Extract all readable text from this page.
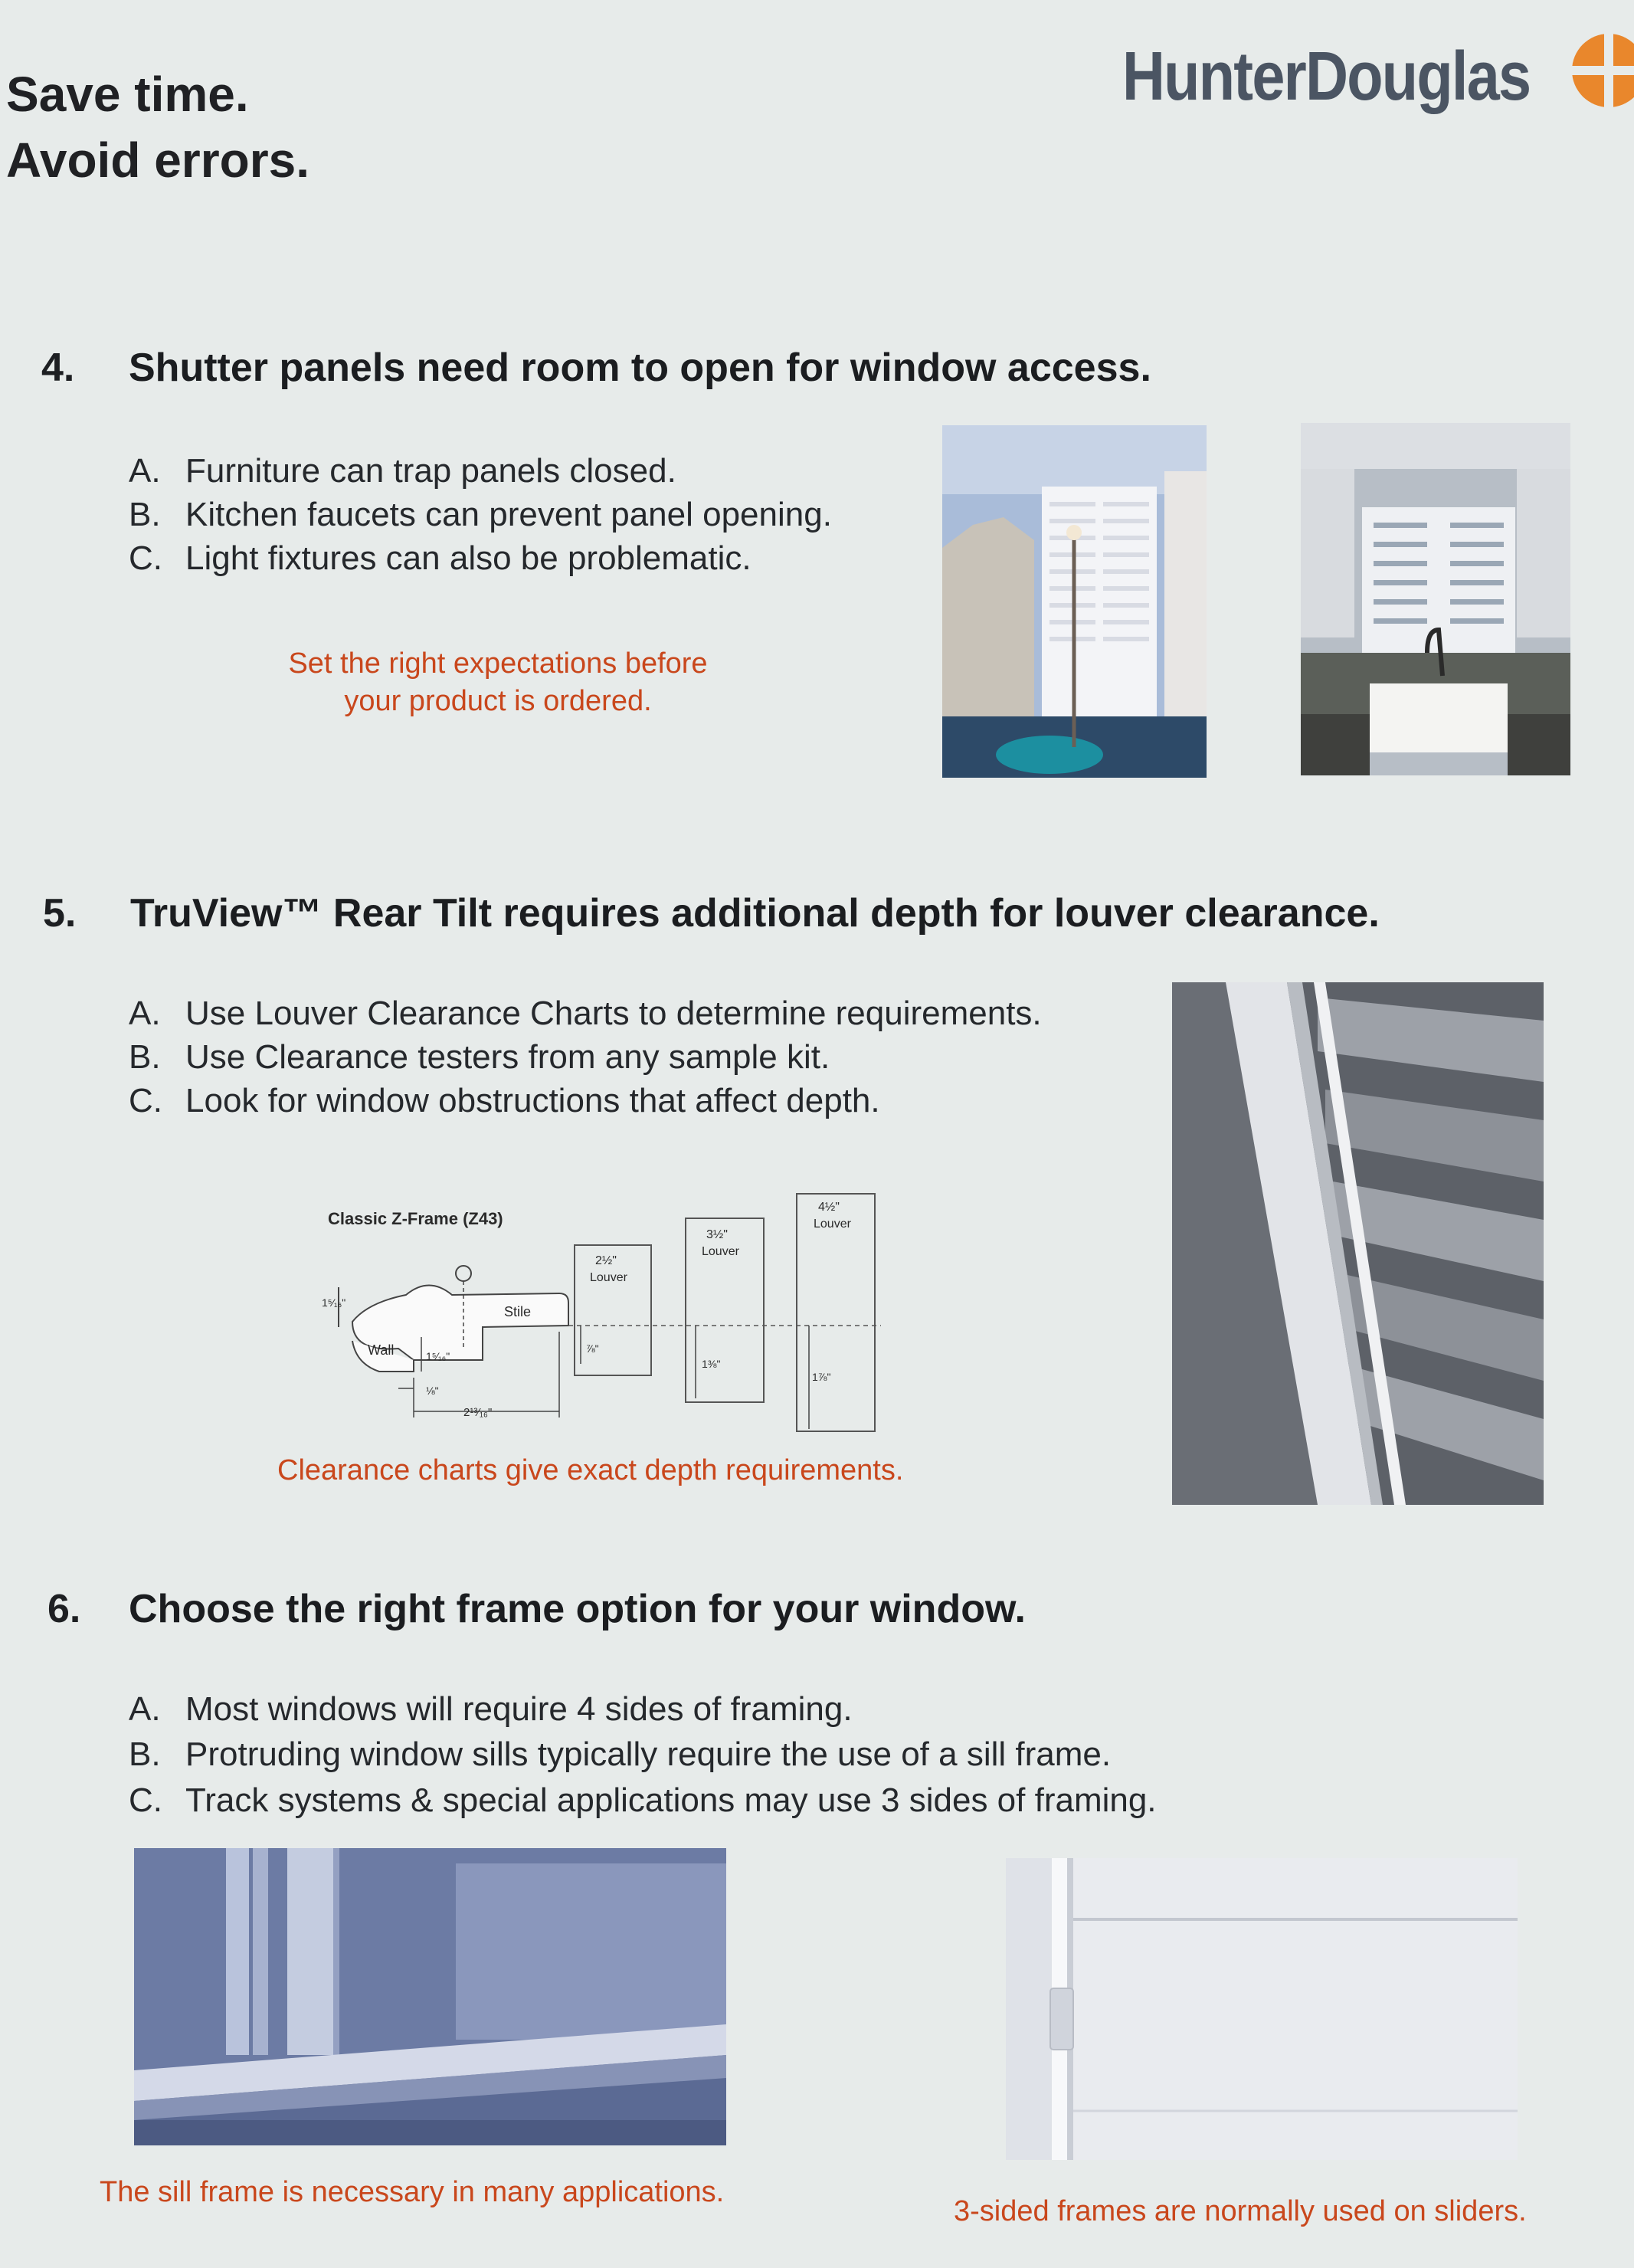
Save time.
Avoid errors.
HunterDouglas
4. Shutter panels need room to open for window access.
A. Furniture can trap panels closed.
B. Kitchen faucets can prevent panel opening.
C. Light fixtures can also be problematic.
Set the right expectations before
your product is ordered.
5. TruView™ Rear Tilt requires additional depth for louver clearance.
A. Use Louver Clearance Charts to determine requirements.
B. Use Clearance testers from any sample kit.
C. Look for window obstructions that affect depth.
Classic Z-Frame (Z43)
Stile
Wall
1⁵⁄₁₆"
1⁵⁄₁₆"
⅛"
2¹³⁄₁₆"
2½"
Louver
⅞"
3½"
Louver
1⅜"
4½"
Louver
1⅞"
Clearance charts give exact depth requirements.
6. Choose the right frame option for your window.
A. Most windows will require 4 sides of framing.
B. Protruding window sills typically require the use of a sill frame.
C. Track systems & special applications may use 3 sides of framing.
The sill frame is necessary in many applications.
3-sided frames are normally used on sliders.
